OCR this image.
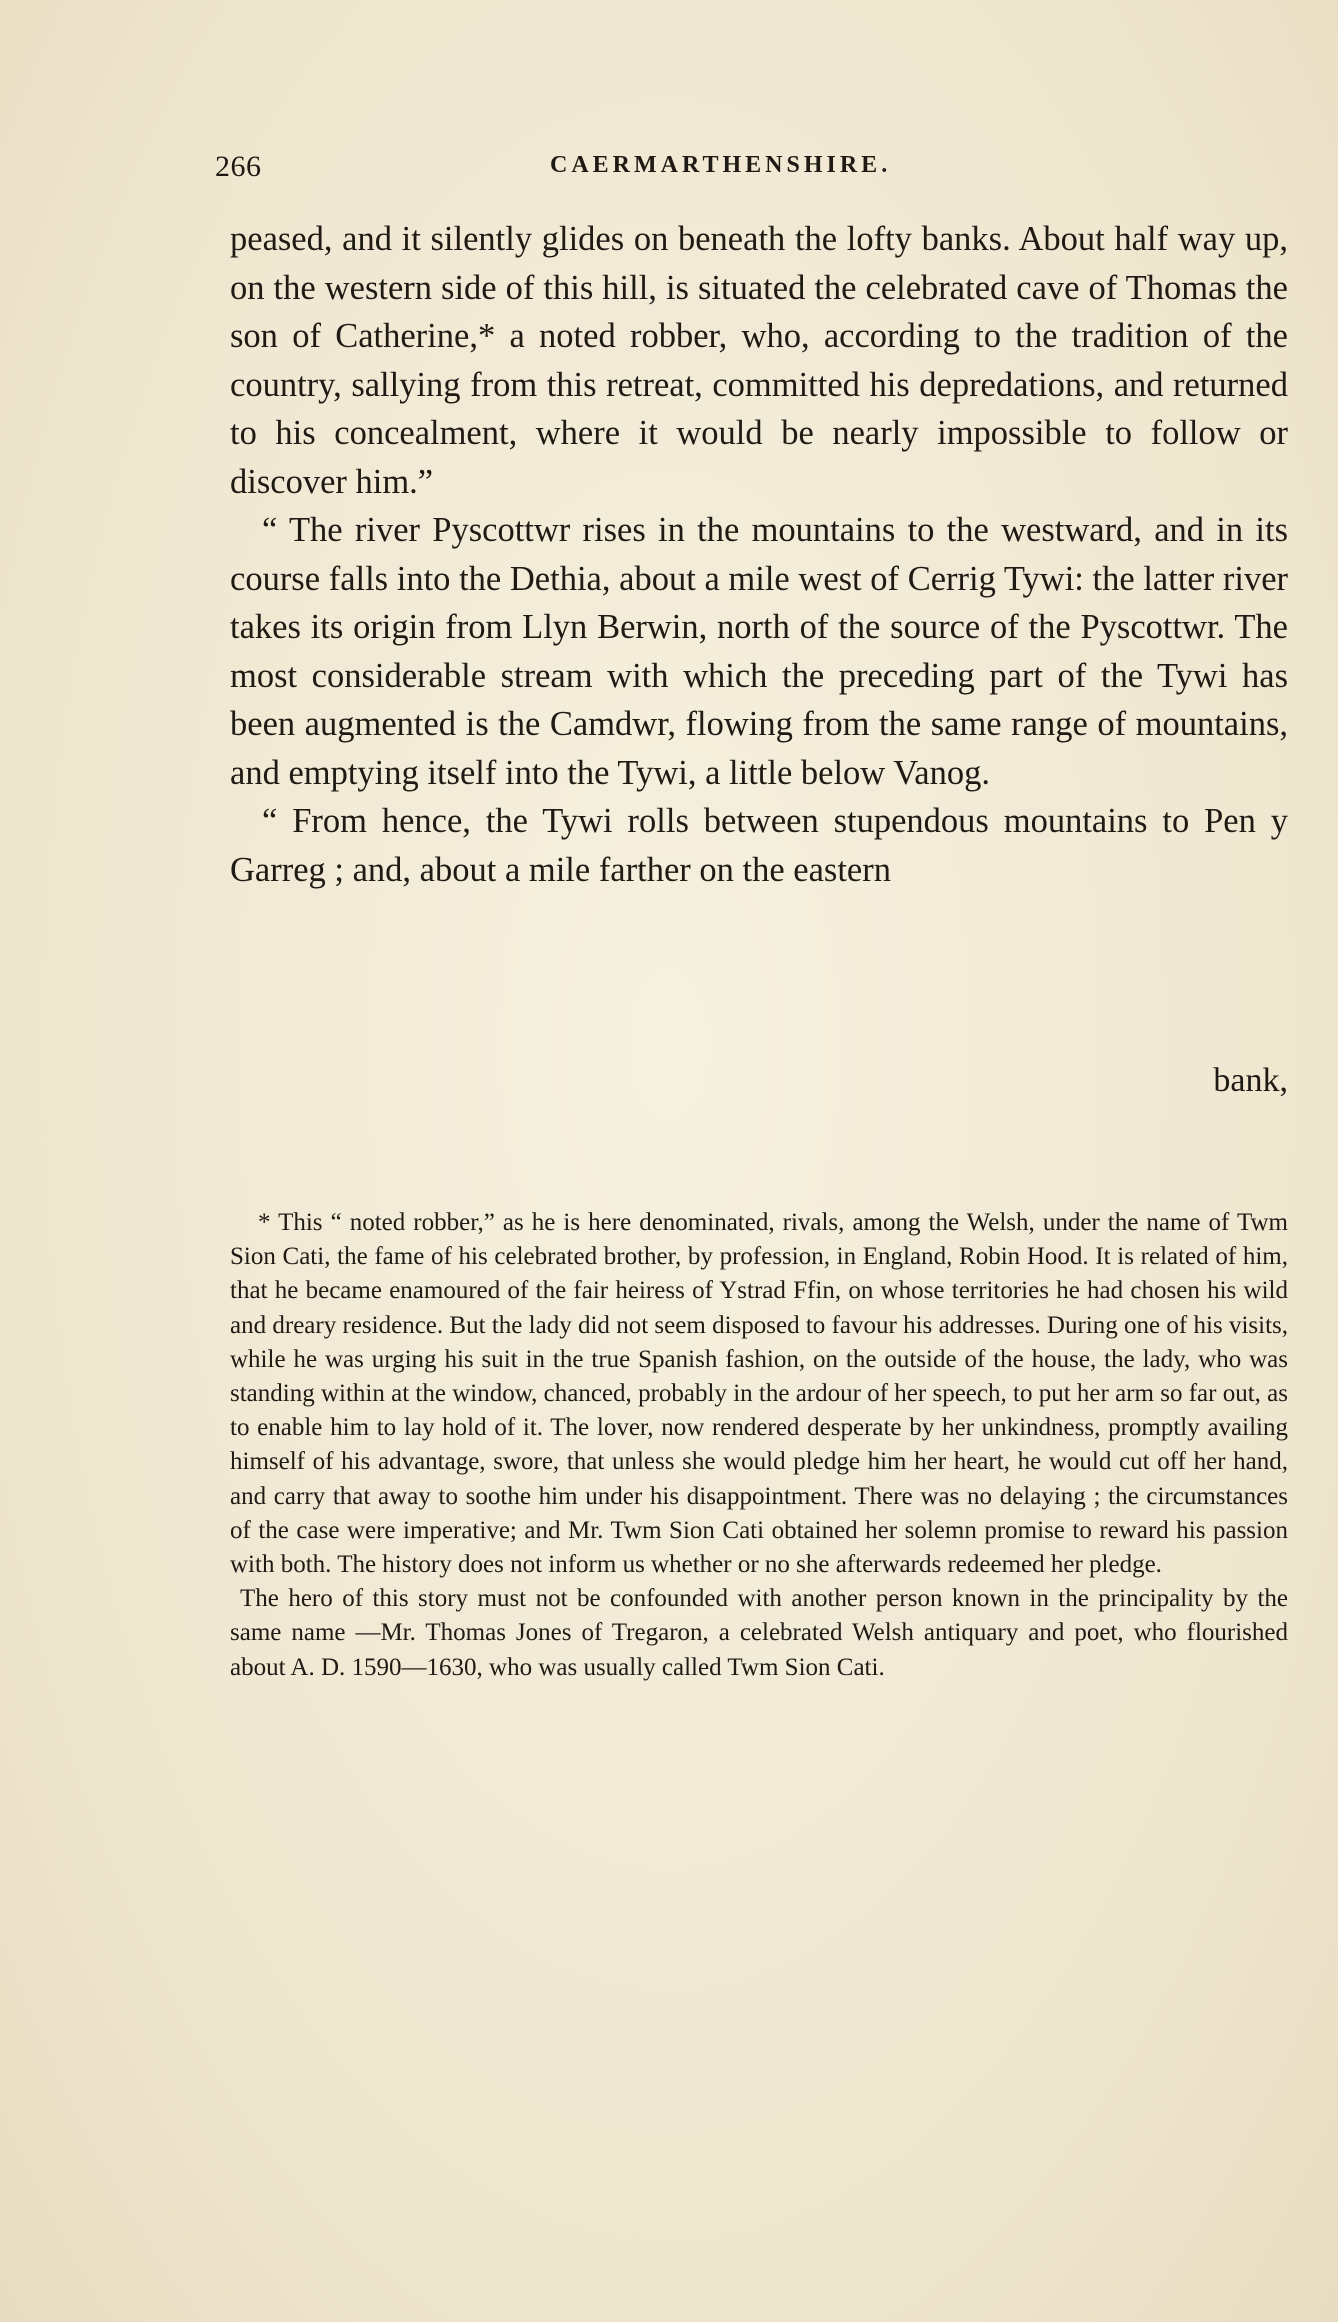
266	CAERMARTHENSHIRE.

peased, and it silently glides on beneath the lofty banks. About half way up, on the western side of this hill, is situated the celebrated cave of Thomas the son of Catherine,* a noted robber, who, according to the tradition of the country, sallying from this retreat, committed his depredations, and returned to his concealment, where it would be nearly impossible to follow or discover him.”

“ The river Pyscottwr rises in the mountains to the westward, and in its course falls into the Dethia, about a mile west of Cerrig Tywi: the latter river takes its origin from Llyn Berwin, north of the source of the Pyscottwr. The most considerable stream with which the preceding part of the Tywi has been augmented is the Camdwr, flowing from the same range of mountains, and emptying itself into the Tywi, a little below Vanog.

“ From hence, the Tywi rolls between stupendous mountains to Pen y Garreg ; and, about a mile farther on the eastern

bank,

* This “ noted robber,” as he is here denominated, rivals, among the Welsh, under the name of Twm Sion Cati, the fame of his celebrated brother, by profession, in England, Robin Hood. It is related of him, that he became enamoured of the fair heiress of Ystrad Ffin, on whose territories he had chosen his wild and dreary residence. But the lady did not seem disposed to favour his addresses. During one of his visits, while he was urging his suit in the true Spanish fashion, on the outside of the house, the lady, who was standing within at the window, chanced, probably in the ardour of her speech, to put her arm so far out, as to enable him to lay hold of it. The lover, now rendered desperate by her unkindness, promptly availing himself of his advantage, swore, that unless she would pledge him her heart, he would cut off her hand, and carry that away to soothe him under his disappointment. There was no delaying ; the circumstances of the case were imperative; and Mr. Twm Sion Cati obtained her solemn promise to reward his passion with both. The history does not inform us whether or no she afterwards redeemed her pledge.

The hero of this story must not be confounded with another person known in the principality by the same name —Mr. Thomas Jones of Tregaron, a celebrated Welsh antiquary and poet, who flourished about A. D. 1590—1630, who was usually called Twm Sion Cati.
